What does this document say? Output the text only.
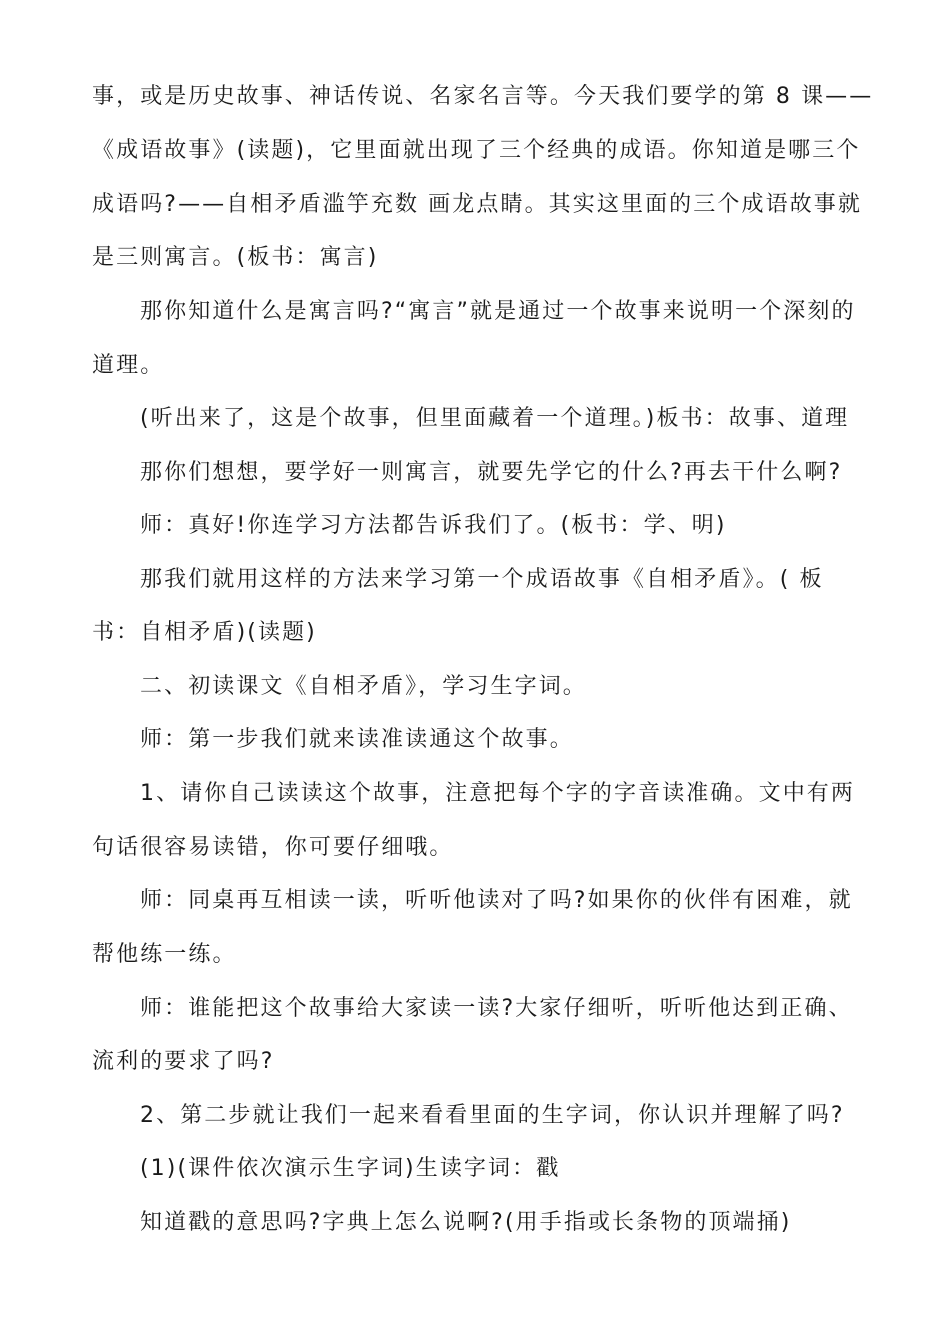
事，或是历史故事、神话传说、名家名言等。今天我们要学的第 8 课——
《成语故事》(读题)，它里面就出现了三个经典的成语。你知道是哪三个
成语吗?——自相矛盾滥竽充数 画龙点睛。其实这里面的三个成语故事就
是三则寓言。(板书：寓言)
那你知道什么是寓言吗?“寓言”就是通过一个故事来说明一个深刻的
道理。
(听出来了，这是个故事，但里面藏着一个道理。)板书：故事、道理
那你们想想，要学好一则寓言，就要先学它的什么?再去干什么啊?
师：真好!你连学习方法都告诉我们了。(板书：学、明)
那我们就用这样的方法来学习第一个成语故事《自相矛盾》。( 板
书：自相矛盾)(读题)
二、初读课文《自相矛盾》，学习生字词。
师：第一步我们就来读准读通这个故事。
1、请你自己读读这个故事，注意把每个字的字音读准确。文中有两
句话很容易读错，你可要仔细哦。
师：同桌再互相读一读，听听他读对了吗?如果你的伙伴有困难，就
帮他练一练。
师：谁能把这个故事给大家读一读?大家仔细听，听听他达到正确、
流利的要求了吗?
2、第二步就让我们一起来看看里面的生字词，你认识并理解了吗?
(1)(课件依次演示生字词)生读字词：戳
知道戳的意思吗?字典上怎么说啊?(用手指或长条物的顶端捅)
